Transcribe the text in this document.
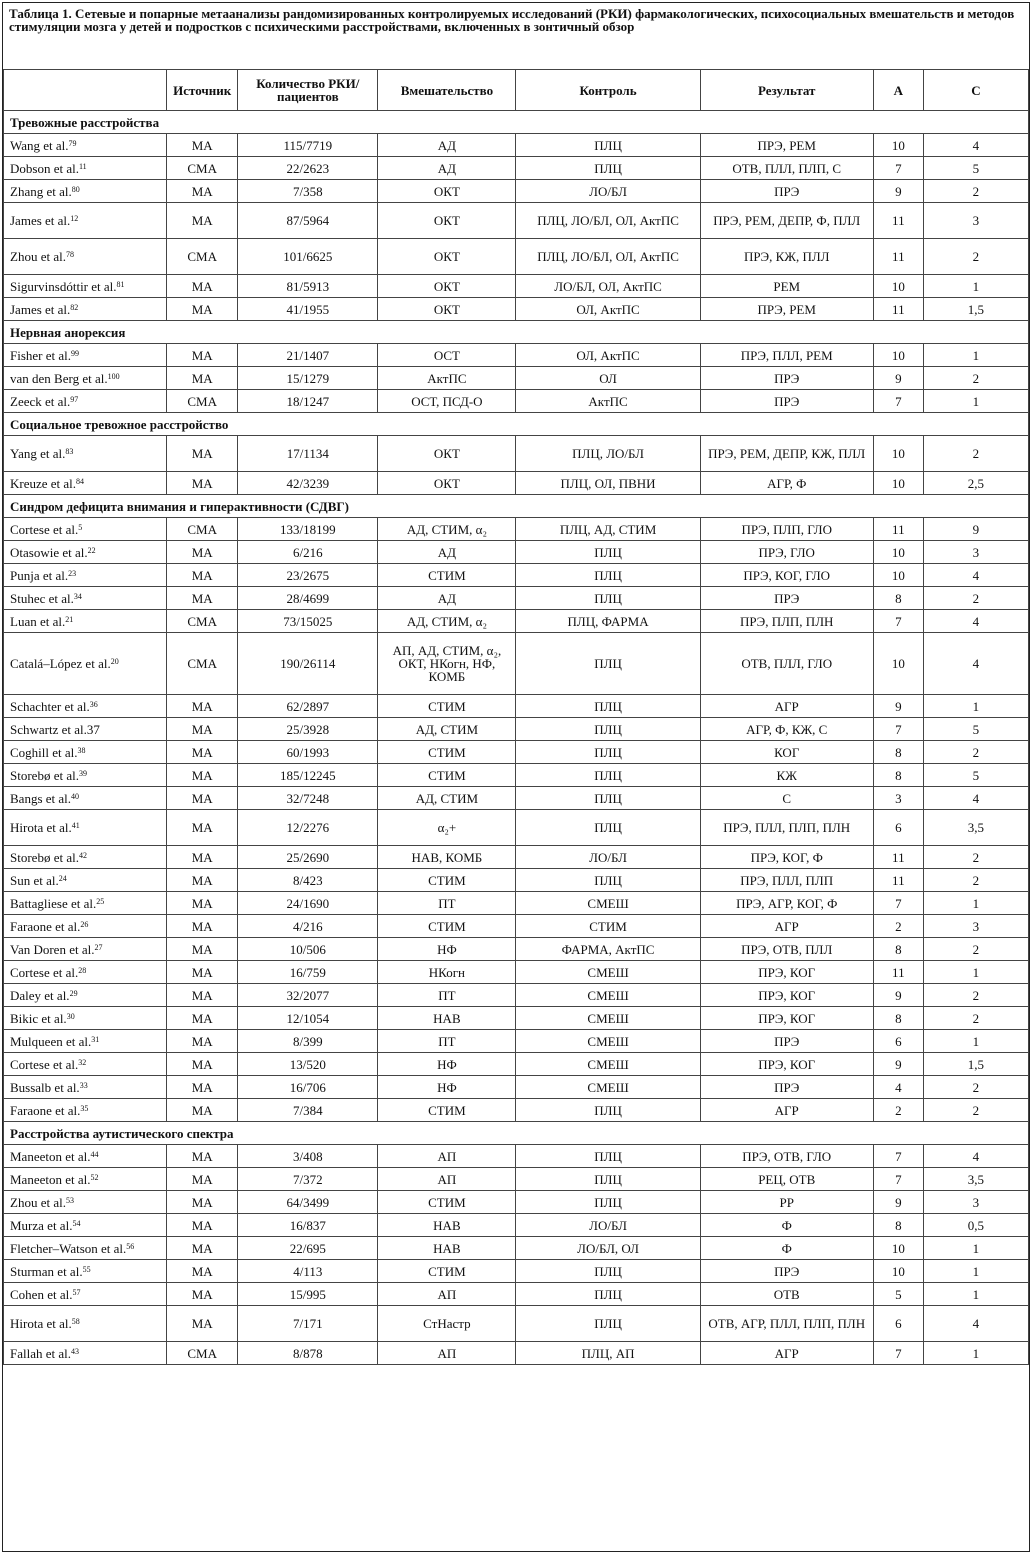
Таблица 1. Сетевые и попарные метаанализы рандомизированных контролируемых исследований (РКИ) фармакологических, психосоциальных вмешательств и методов стимуляции мозга у детей и подростков с психическими расстройствами, включенных в зонтичный обзор
	Источник	Количество РКИ/пациентов	Вмешательство	Контроль	Результат	А	С
Тревожные расстройства							
Wang et al.$^{79}$	МА	115/7719	АД	ПЛЦ	ПРЭ, РЕМ	10	4
Dobson et al.$^{11}$	СМА	22/2623	АД	ПЛЦ	ОТВ, ПЛЛ, ПЛП, С	7	5
Zhang et al.$^{80}$	МА	7/358	ОКТ	ЛО/БЛ	ПРЭ	9	2
James et al.$^{12}$	МА	87/5964	ОКТ	ПЛЦ, ЛО/БЛ, ОЛ, АктПС	ПРЭ, РЕМ, ДЕПР, Ф, ПЛЛ	11	3
Zhou et al.$^{78}$	СМА	101/6625	ОКТ	ПЛЦ, ЛО/БЛ, ОЛ, АктПС	ПРЭ, КЖ, ПЛЛ	11	2
Sigurvinsdóttir et al.$^{81}$	МА	81/5913	ОКТ	ЛО/БЛ, ОЛ, АктПС	РЕМ	10	1
James et al.$^{82}$	МА	41/1955	ОКТ	ОЛ, АктПС	ПРЭ, РЕМ	11	1,5
Нервная анорексия							
Fisher et al.$^{99}$	МА	21/1407	ОСТ	ОЛ, АктПС	ПРЭ, ПЛЛ, РЕМ	10	1
van den Berg et al.$^{100}$	МА	15/1279	АктПС	ОЛ	ПРЭ	9	2
Zeeck et al.$^{97}$	СМА	18/1247	ОСТ, ПСД-О	АктПС	ПРЭ	7	1
Социальное тревожное расстройство							
Yang et al.$^{83}$	МА	17/1134	ОКТ	ПЛЦ, ЛО/БЛ	ПРЭ, РЕМ, ДЕПР, КЖ, ПЛЛ	10	2
Kreuze et al.$^{84}$	МА	42/3239	ОКТ	ПЛЦ, ОЛ, ПВНИ	АГР, Ф	10	2,5
Синдром дефицита внимания и гиперактивности (СДВГ)							
Cortese et al.$^5$	СМА	133/18199	АД, СТИМ, α₂	ПЛЦ, АД, СТИМ	ПРЭ, ПЛП, ГЛО	11	9
Otasowie et al.$^{22}$	МА	6/216	АД	ПЛЦ	ПРЭ, ГЛО	10	3
Punja et al.$^{23}$	МА	23/2675	СТИМ	ПЛЦ	ПРЭ, КОГ, ГЛО	10	4
Stuhec et al.$^{34}$	МА	28/4699	АД	ПЛЦ	ПРЭ	8	2
Luan et al.$^{21}$	СМА	73/15025	АД, СТИМ, α₂	ПЛЦ, ФАРМА	ПРЭ, ПЛП, ПЛН	7	4
Catalá–López et al.$^{20}$	СМА	190/26114	АП, АД, СТИМ, α₂, ОКТ, НКогн, НФ, КОМБ	ПЛЦ	ОТВ, ПЛЛ, ГЛО	10	4
Schachter et al.$^{36}$	МА	62/2897	СТИМ	ПЛЦ	АГР	9	1
Schwartz et al.37	МА	25/3928	АД, СТИМ	ПЛЦ	АГР, Ф, КЖ, С	7	5
Coghill et al.$^{38}$	МА	60/1993	СТИМ	ПЛЦ	КОГ	8	2
Storebø et al.$^{39}$	МА	185/12245	СТИМ	ПЛЦ	КЖ	8	5
Bangs et al.$^{40}$	МА	32/7248	АД, СТИМ	ПЛЦ	С	3	4
Hirota et al.$^{41}$	МА	12/2276	α₂+	ПЛЦ	ПРЭ, ПЛЛ, ПЛП, ПЛН	6	3,5
Storebø et al.$^{42}$	МА	25/2690	НАВ, КОМБ	ЛО/БЛ	ПРЭ, КОГ, Ф	11	2
Sun et al.$^{24}$	МА	8/423	СТИМ	ПЛЦ	ПРЭ, ПЛЛ, ПЛП	11	2
Battagliese et al.$^{25}$	МА	24/1690	ПТ	СМЕШ	ПРЭ, АГР, КОГ, Ф	7	1
Faraone et al.$^{26}$	МА	4/216	СТИМ	СТИМ	АГР	2	3
Van Doren et al.$^{27}$	МА	10/506	НФ	ФАРМА, АктПС	ПРЭ, ОТВ, ПЛЛ	8	2
Cortese et al.$^{28}$	МА	16/759	НКогн	СМЕШ	ПРЭ, КОГ	11	1
Daley et al.$^{29}$	МА	32/2077	ПТ	СМЕШ	ПРЭ, КОГ	9	2
Bikic et al.$^{30}$	МА	12/1054	НАВ	СМЕШ	ПРЭ, КОГ	8	2
Mulqueen et al.$^{31}$	МА	8/399	ПТ	СМЕШ	ПРЭ	6	1
Cortese et al.$^{32}$	МА	13/520	НФ	СМЕШ	ПРЭ, КОГ	9	1,5
Bussalb et al.$^{33}$	МА	16/706	НФ	СМЕШ	ПРЭ	4	2
Faraone et al.$^{35}$	МА	7/384	СТИМ	ПЛЦ	АГР	2	2
Расстройства аутистического спектра							
Maneeton et al.$^{44}$	МА	3/408	АП	ПЛЦ	ПРЭ, ОТВ, ГЛО	7	4
Maneeton et al.$^{52}$	МА	7/372	АП	ПЛЦ	РЕЦ, ОТВ	7	3,5
Zhou et al.$^{53}$	МА	64/3499	СТИМ	ПЛЦ	РР	9	3
Murza et al.$^{54}$	МА	16/837	НАВ	ЛО/БЛ	Ф	8	0,5
Fletcher–Watson et al.$^{56}$	МА	22/695	НАВ	ЛО/БЛ, ОЛ	Ф	10	1
Sturman et al.$^{55}$	МА	4/113	СТИМ	ПЛЦ	ПРЭ	10	1
Cohen et al.$^{57}$	МА	15/995	АП	ПЛЦ	ОТВ	5	1
Hirota et al.$^{58}$	МА	7/171	СтНастр	ПЛЦ	ОТВ, АГР, ПЛЛ, ПЛП, ПЛН	6	4
Fallah et al.$^{43}$	СМА	8/878	АП	ПЛЦ, АП	АГР	7	1
